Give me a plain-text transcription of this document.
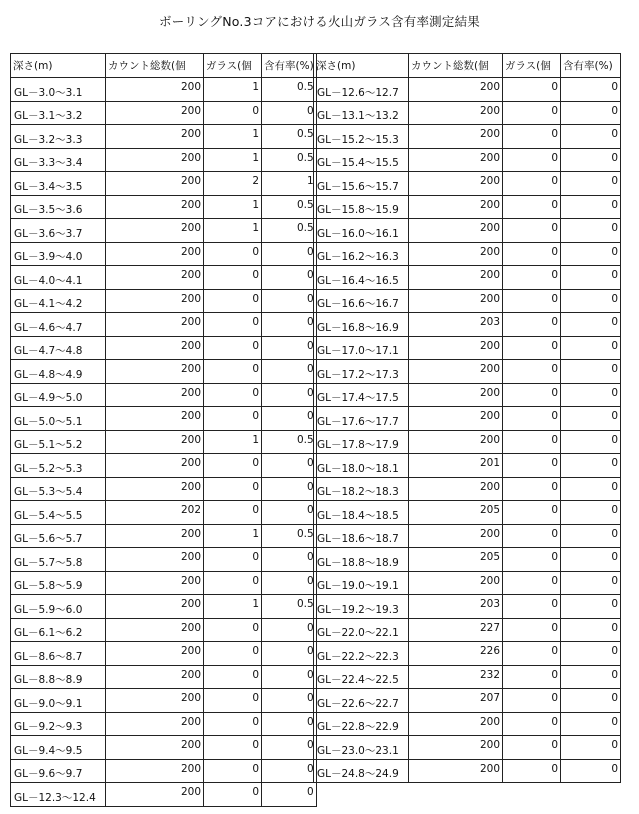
ボーリングNo.3コアにおける火山ガラス含有率測定結果
深さ(m)	カウント総数(個	ガラス(個	含有率(%)
GL－3.0～3.1	200	1	0.5
GL－3.1～3.2	200	0	0
GL－3.2～3.3	200	1	0.5
GL－3.3～3.4	200	1	0.5
GL－3.4～3.5	200	2	1
GL－3.5～3.6	200	1	0.5
GL－3.6～3.7	200	1	0.5
GL－3.9～4.0	200	0	0
GL－4.0～4.1	200	0	0
GL－4.1～4.2	200	0	0
GL－4.6～4.7	200	0	0
GL－4.7～4.8	200	0	0
GL－4.8～4.9	200	0	0
GL－4.9～5.0	200	0	0
GL－5.0～5.1	200	0	0
GL－5.1～5.2	200	1	0.5
GL－5.2～5.3	200	0	0
GL－5.3～5.4	200	0	0
GL－5.4～5.5	202	0	0
GL－5.6～5.7	200	1	0.5
GL－5.7～5.8	200	0	0
GL－5.8～5.9	200	0	0
GL－5.9～6.0	200	1	0.5
GL－6.1～6.2	200	0	0
GL－8.6～8.7	200	0	0
GL－8.8～8.9	200	0	0
GL－9.0～9.1	200	0	0
GL－9.2～9.3	200	0	0
GL－9.4～9.5	200	0	0
GL－9.6～9.7	200	0	0
GL－12.3～12.4	200	0	0
深さ(m)	カウント総数(個	ガラス(個	含有率(%)
GL－12.6～12.7	200	0	0
GL－13.1～13.2	200	0	0
GL－15.2～15.3	200	0	0
GL－15.4～15.5	200	0	0
GL－15.6～15.7	200	0	0
GL－15.8～15.9	200	0	0
GL－16.0～16.1	200	0	0
GL－16.2～16.3	200	0	0
GL－16.4～16.5	200	0	0
GL－16.6～16.7	200	0	0
GL－16.8～16.9	203	0	0
GL－17.0～17.1	200	0	0
GL－17.2～17.3	200	0	0
GL－17.4～17.5	200	0	0
GL－17.6～17.7	200	0	0
GL－17.8～17.9	200	0	0
GL－18.0～18.1	201	0	0
GL－18.2～18.3	200	0	0
GL－18.4～18.5	205	0	0
GL－18.6～18.7	200	0	0
GL－18.8～18.9	205	0	0
GL－19.0～19.1	200	0	0
GL－19.2～19.3	203	0	0
GL－22.0～22.1	227	0	0
GL－22.2～22.3	226	0	0
GL－22.4～22.5	232	0	0
GL－22.6～22.7	207	0	0
GL－22.8～22.9	200	0	0
GL－23.0～23.1	200	0	0
GL－24.8～24.9	200	0	0
